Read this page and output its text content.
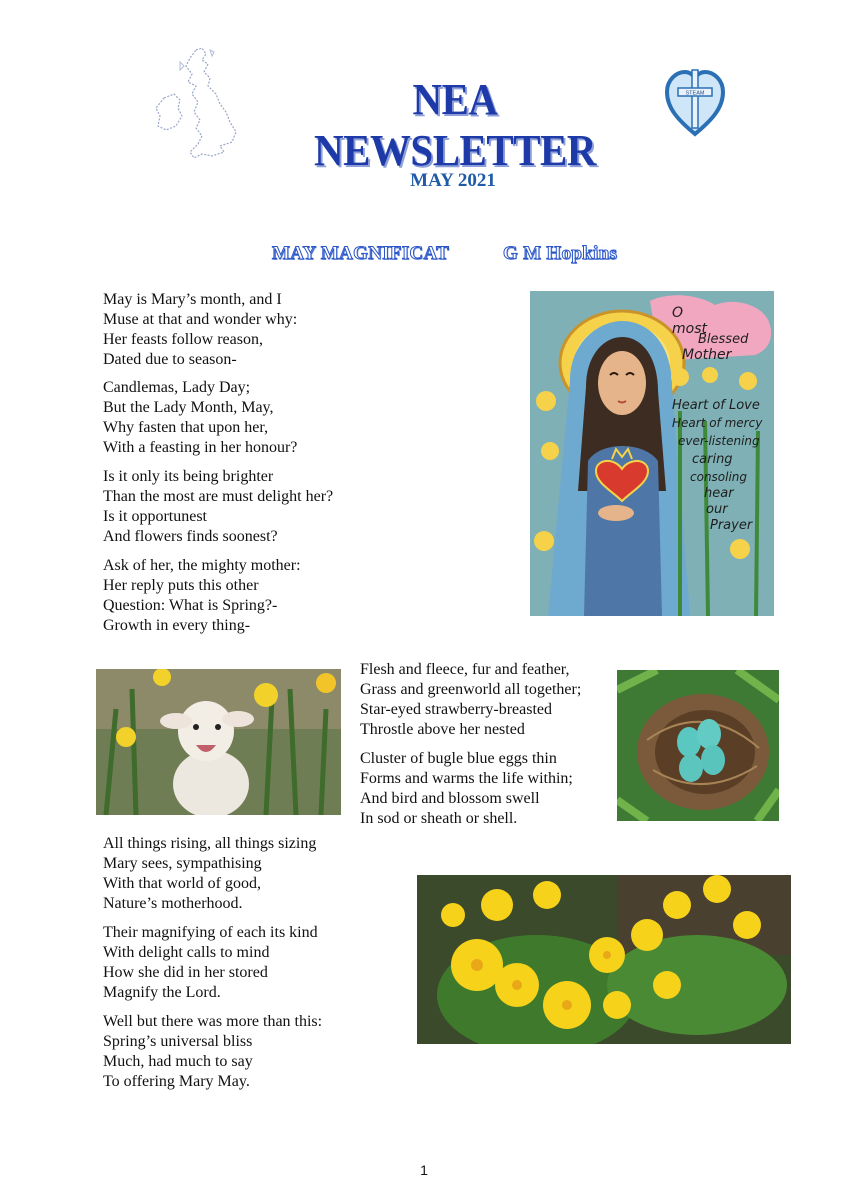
NEA NEWSLETTER
STEAM
MAY 2021
MAY MAGNIFICAT	G M Hopkins
May is Mary’s month, and I
Muse at that and wonder why:
Her feasts follow reason,
Dated due to season-
Candlemas, Lady Day;
But the Lady Month, May,
Why fasten that upon her,
With a feasting in her honour?
Is it only its being brighter
Than the most are must delight her?
Is it opportunest
And flowers finds soonest?
Ask of her, the mighty mother:
Her reply puts this other
Question: What is Spring?-
Growth in every thing-
Flesh and fleece, fur and feather,
Grass and greenworld all together;
Star-eyed strawberry-breasted
Throstle above her nested
Cluster of bugle blue eggs thin
Forms and warms the life within;
And bird and blossom swell
In sod or sheath or shell.
All things rising, all things sizing
Mary sees, sympathising
With that world of good,
Nature’s motherhood.
Their magnifying of each its kind
With delight calls to mind
How she did in her stored
Magnify the Lord.
Well but there was more than this:
Spring’s universal bliss
Much, had much to say
To offering Mary May.
O
most
Blessed
Mother
Heart of Love
Heart of mercy
ever-listening
caring
consoling
hear
our
Prayer
1
